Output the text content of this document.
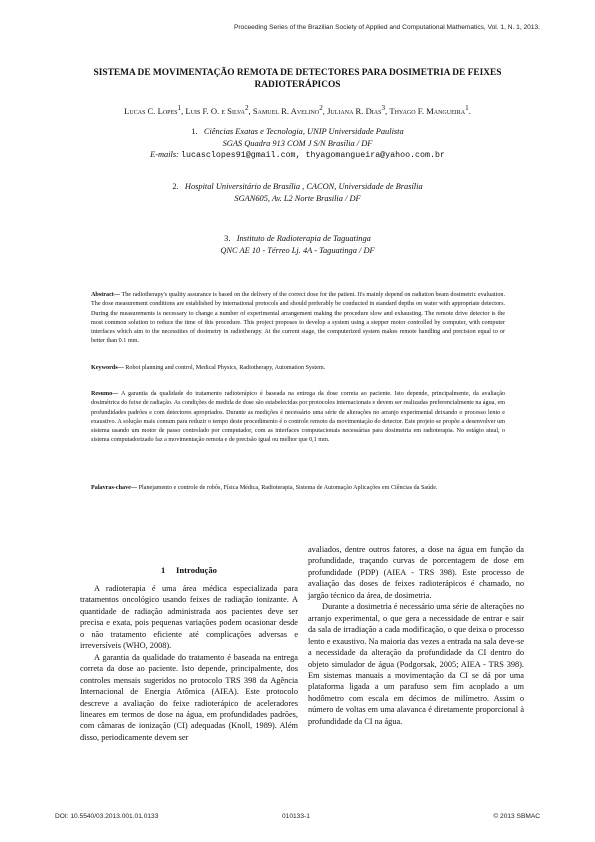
Proceeding Series of the Brazilian Society of Applied and Computational Mathematics, Vol. 1, N. 1, 2013.
SISTEMA DE MOVIMENTAÇÃO REMOTA DE DETECTORES PARA DOSIMETRIA DE FEIXES
RADIOTERÁPICOS
Lucas C. Lopes$^1$, Luis F. O. e Silva$^2$, Samuel R. Avelino$^2$, Juliana R. Dias$^3$, Thyago F. Mangueira$^1$.
1. Ciências Exatas e Tecnologia, UNIP Universidade Paulista
SGAS Quadra 913 COM J S/N Brasília / DF
E-mails: lucasclopes91@gmail.com, thyagomangueira@yahoo.com.br
2. Hospital Universitário de Brasília , CACON, Universidade de Brasília
SGAN605, Av. L2 Norte Brasilia / DF
3. Instituto de Radioterapia de Taguatinga
QNC AE 10 - Térreo Lj. 4A - Taguatinga / DF
Abstract— The radiotherapy's quality assurance is based on the delivery of the correct dose for the patient. It's mainly depend on radiation beam dosimetric evaluation. The dose measurement conditions are established by international protocols and should preferably be conducted in standard depths on water with appropriate detectors. During the measurements is necessary to change a number of experimental arrangement making the procedure slow and exhausting. The remote drive detector is the most common solution to reduce the time of this procedure. This project proposes to develop a system using a stepper motor controlled by computer, with computer interfaces which aim to the necessities of dosimetry in radiotherapy. At the current stage, the computerized system makes remote handling and precision equal to or better than 0.1 mm.
Keywords— Robot planning and control, Medical Physics, Radiotherapy, Automation System.
Resumo— A garantia da qualidade do tratamento radioterápico é baseada na entrega da dose correta ao paciente. Isto depende, principalmente, da avaliação dosimétrica do feixe de radiação. As condições de medida de dose são estabelecidas por protocolos internacionais e devem ser realizadas preferencialmente na água, em profundidades padrões e com detectores apropriados. Durante as medições é necessário uma série de alterações no arranjo experimental deixando o processo lento e exaustivo. A solução mais comum para reduzir o tempo deste procedimento é o controle remoto da movimentação do detector. Este projeto se propõe a desenvolver um sistema usando um motor de passo controlado por computador, com as interfaces computacionais necessárias para dosimetria em radioterapia. No estágio atual, o sistema computadorizado faz a movimentação remota e de precisão igual ou melhor que 0,1 mm.
Palavras-chave— Planejamento e controle de robôs, Física Médica, Radioterapia, Sistema de Automação Aplicações em Ciências da Saúde.
1     Introdução

A radioterapia é uma área médica especializada para tratamentos oncológico usando feixes de radiação ionizante. A quantidade de radiação administrada aos pacientes deve ser precisa e exata, pois pequenas variações podem ocasionar desde o não tratamento eficiente até complicações adversas e irreversíveis (WHO, 2008).

A garantia da qualidade do tratamento é baseada na entrega correta da dose ao paciente. Isto depende, principalmente, dos controles mensais sugeridos no protocolo TRS 398 da Agência Internacional de Energia Atômica (AIEA). Este protocolo descreve a avaliação do feixe radioterápico de aceleradores lineares em termos de dose na água, em profundidades padrões, com câmaras de ionização (CI) adequadas (Knoll, 1989). Além disso, periodicamente devem ser

avaliados, dentre outros fatores, a dose na água em função da profundidade, traçando curvas de porcentagem de dose em profundidade (PDP) (AIEA - TRS 398). Este processo de avaliação das doses de feixes radioterápicos é chamado, no jargão técnico da área, de dosimetria.

Durante a dosimetria é necessário uma série de alterações no arranjo experimental, o que gera a necessidade de entrar e sair da sala de irradiação a cada modificação, o que deixa o processo lento e exaustivo. Na maioria das vezes a entrada na sala deve-se a necessidade da alteração da profundidade da CI dentro do objeto simulador de água (Podgorsak, 2005; AIEA - TRS 398). Em sistemas manuais a movimentação da CI se dá por uma plataforma ligada a um parafuso sem fim acoplado a um hodômetro com escala em décimos de milímetro. Assim o número de voltas em uma alavanca é diretamente proporcional à profundidade da CI na água.

DOI: 10.5540/03.2013.001.01.0133	010133-1	© 2013 SBMAC
